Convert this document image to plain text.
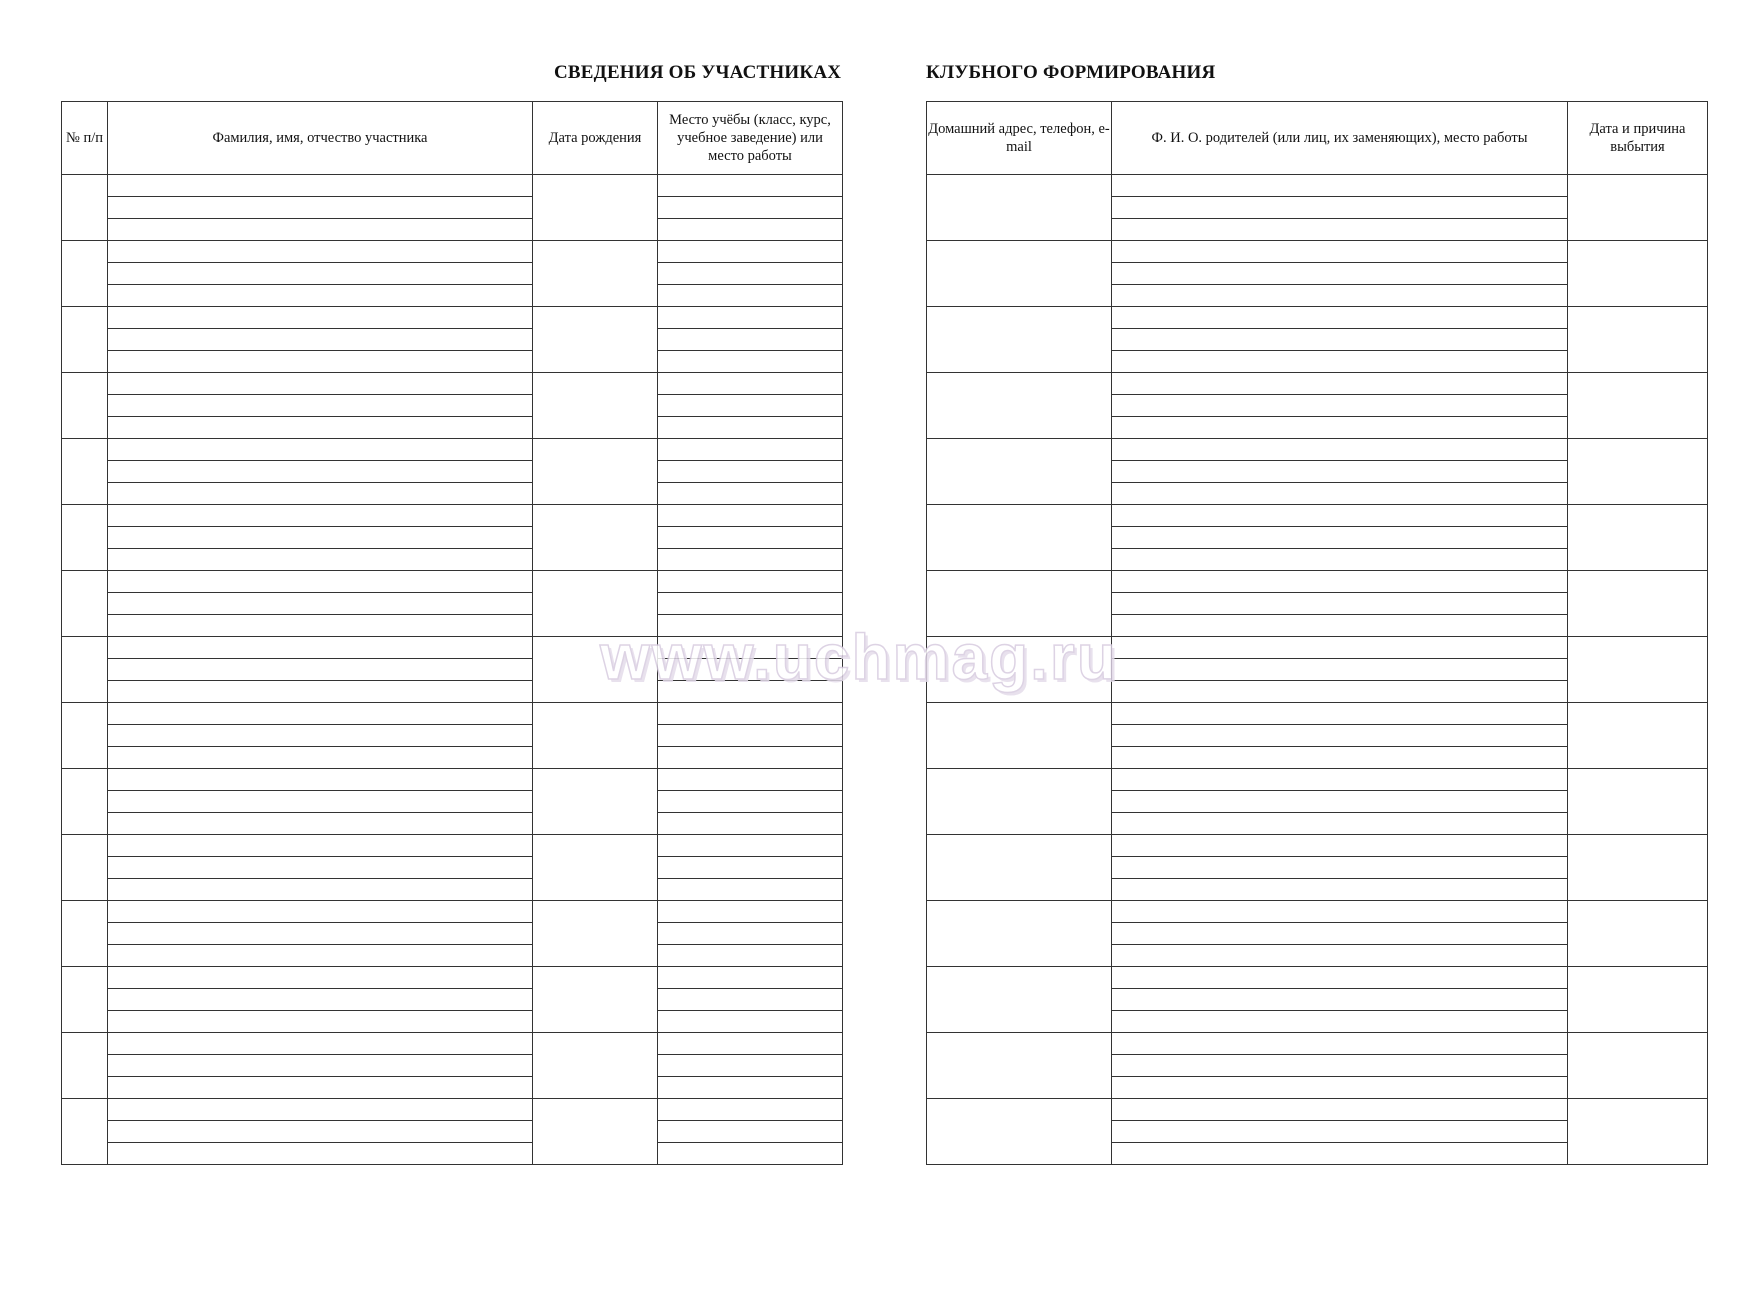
СВЕДЕНИЯ ОБ УЧАСТНИКАХ	КЛУБНОГО ФОРМИРОВАНИЯ
№ п/п	Фамилия, имя, отчество участника	Дата рождения	Место учёбы (класс, курс, учебное заведение) или место работы

Домашний адрес, телефон, e-mail	Ф. И. О. родителей (или лиц, их заменяющих), место работы	Дата и причина выбытия

www.uchmag.ru
